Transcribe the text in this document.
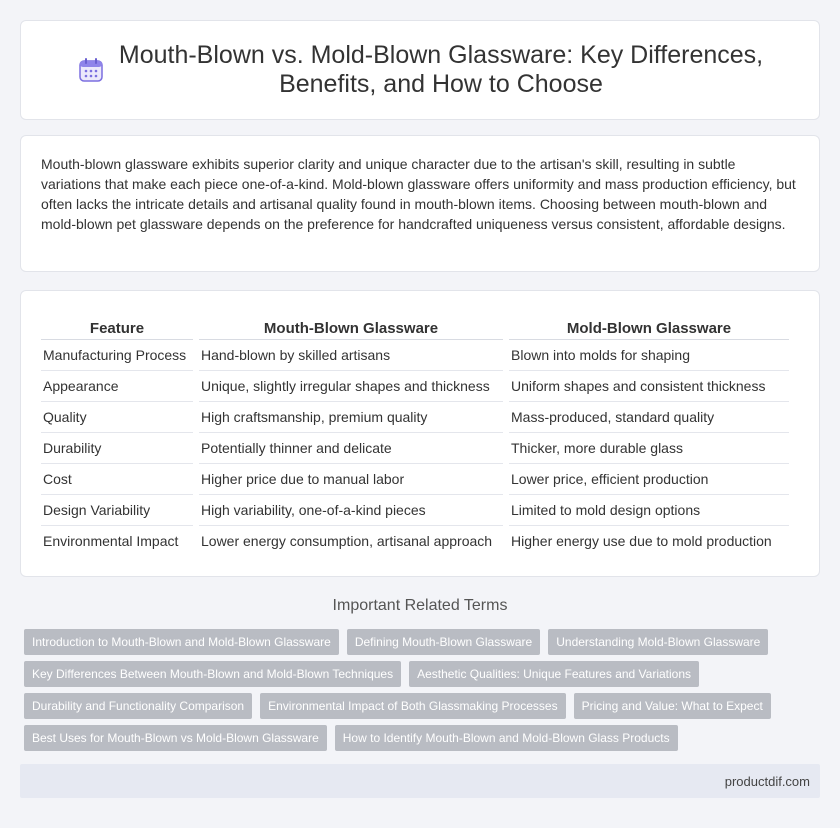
Mouth-Blown vs. Mold-Blown Glassware: Key Differences,
Benefits, and How to Choose

Mouth-blown glassware exhibits superior clarity and unique character due to the artisan's skill, resulting in subtle variations that make each piece one-of-a-kind. Mold-blown glassware offers uniformity and mass production efficiency, but often lacks the intricate details and artisanal quality found in mouth-blown items. Choosing between mouth-blown and mold-blown pet glassware depends on the preference for handcrafted uniqueness versus consistent, affordable designs.

Feature	Mouth-Blown Glassware	Mold-Blown Glassware
Manufacturing Process	Hand-blown by skilled artisans	Blown into molds for shaping
Appearance	Unique, slightly irregular shapes and thickness	Uniform shapes and consistent thickness
Quality	High craftsmanship, premium quality	Mass-produced, standard quality
Durability	Potentially thinner and delicate	Thicker, more durable glass
Cost	Higher price due to manual labor	Lower price, efficient production
Design Variability	High variability, one-of-a-kind pieces	Limited to mold design options
Environmental Impact	Lower energy consumption, artisanal approach	Higher energy use due to mold production
Important Related Terms
Introduction to Mouth-Blown and Mold-Blown Glassware	Defining Mouth-Blown Glassware	Understanding Mold-Blown Glassware
Key Differences Between Mouth-Blown and Mold-Blown Techniques	Aesthetic Qualities: Unique Features and Variations
Durability and Functionality Comparison	Environmental Impact of Both Glassmaking Processes	Pricing and Value: What to Expect
Best Uses for Mouth-Blown vs Mold-Blown Glassware	How to Identify Mouth-Blown and Mold-Blown Glass Products
productdif.com
